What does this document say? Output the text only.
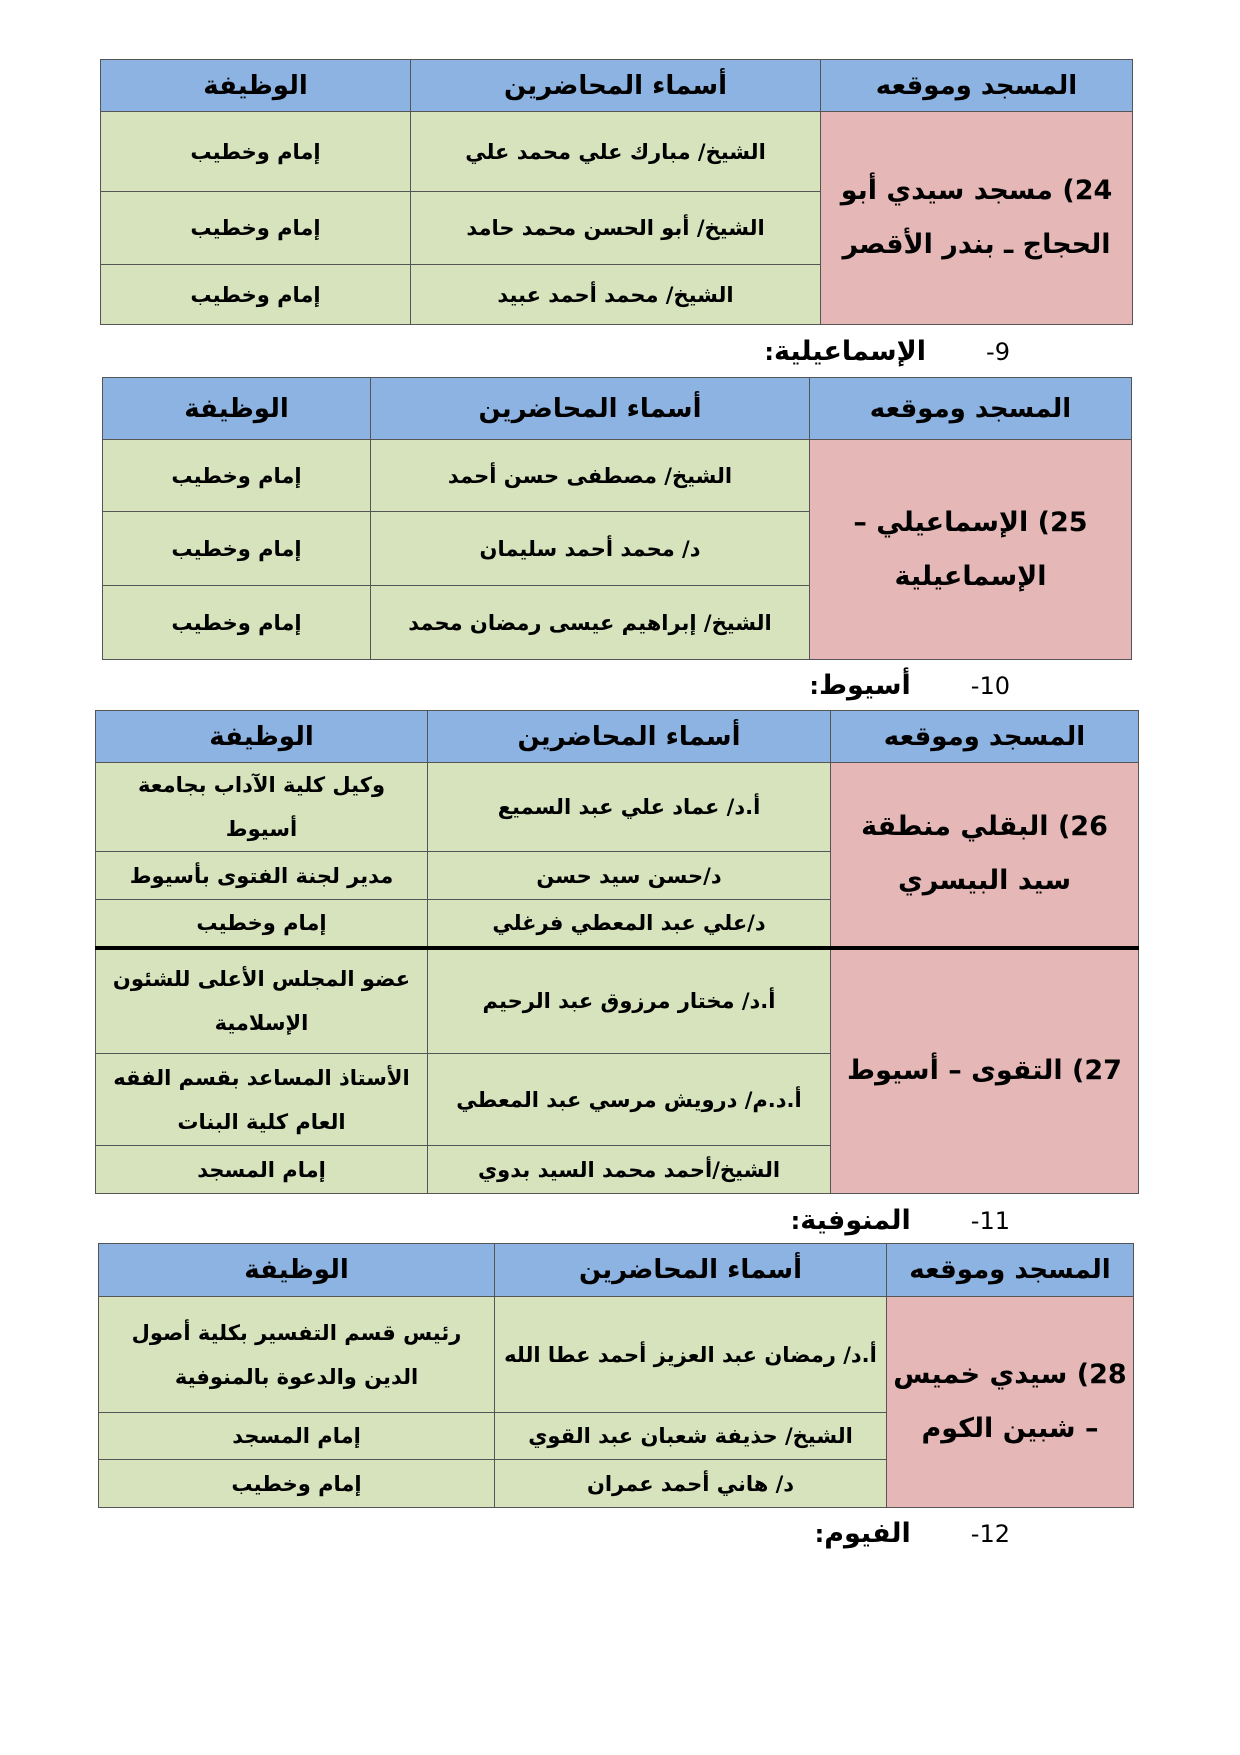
المسجد وموقعه	أسماء المحاضرين	الوظيفة
24) مسجد سيدي أبو الحجاج ـ بندر الأقصر	الشيخ/ مبارك علي محمد علي	إمام وخطيب
	الشيخ/ أبو الحسن محمد حامد	إمام وخطيب
	الشيخ/ محمد أحمد عبيد	إمام وخطيب
9-الإسماعيلية:
المسجد وموقعه	أسماء المحاضرين	الوظيفة
25) الإسماعيلي – الإسماعيلية	الشيخ/ مصطفى حسن أحمد	إمام وخطيب
	د/ محمد أحمد سليمان	إمام وخطيب
	الشيخ/ إبراهيم عيسى رمضان محمد	إمام وخطيب
10-أسيوط:
المسجد وموقعه	أسماء المحاضرين	الوظيفة
26) البقلي منطقة سيد البيسري	أ.د/ عماد علي عبد السميع	وكيل كلية الآداب بجامعة أسيوط
	د/حسن سيد حسن	مدير لجنة الفتوى بأسيوط
	د/علي عبد المعطي فرغلي	إمام وخطيب
27) التقوى – أسيوط	أ.د/ مختار مرزوق عبد الرحيم	عضو المجلس الأعلى للشئون الإسلامية
	أ.د.م/ درويش مرسي عبد المعطي	الأستاذ المساعد بقسم الفقه العام كلية البنات
	الشيخ/أحمد محمد السيد بدوي	إمام المسجد
11-المنوفية:
المسجد وموقعه	أسماء المحاضرين	الوظيفة
28) سيدي خميس – شبين الكوم	أ.د/ رمضان عبد العزيز أحمد عطا الله	رئيس قسم التفسير بكلية أصول الدين والدعوة بالمنوفية
	الشيخ/ حذيفة شعبان عبد القوي	إمام المسجد
	د/ هاني أحمد عمران	إمام وخطيب
12-الفيوم:
